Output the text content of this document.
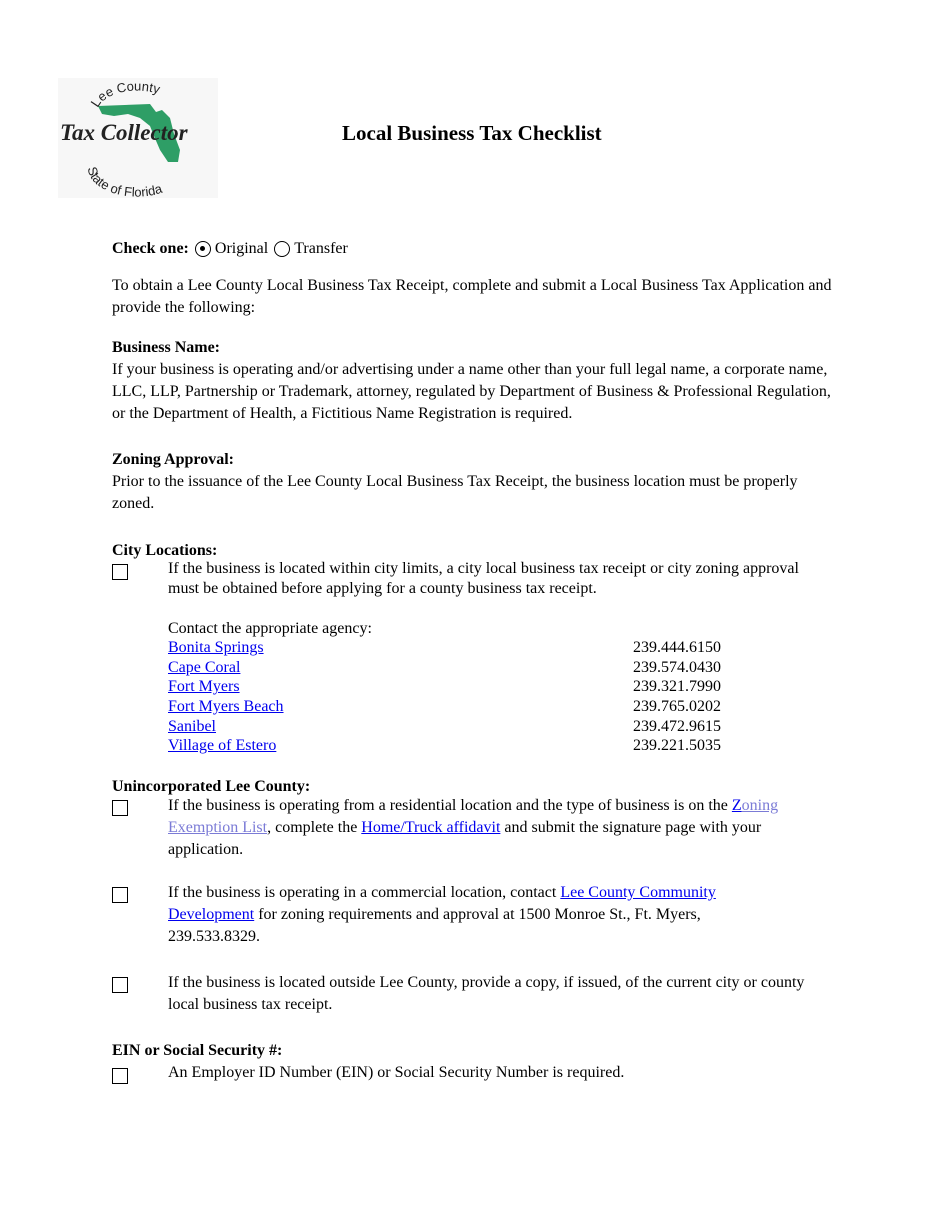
Lee County
Tax Collector
State of Florida
Local Business Tax Checklist
Check one: Original Transfer
To obtain a Lee County Local Business Tax Receipt, complete and submit a Local Business Tax Application and provide the following:
Business Name:
If your business is operating and/or advertising under a name other than your full legal name, a corporate name, LLC, LLP, Partnership or Trademark, attorney, regulated by Department of Business & Professional Regulation, or the Department of Health, a Fictitious Name Registration is required.
Zoning Approval:
Prior to the issuance of the Lee County Local Business Tax Receipt, the business location must be properly zoned.
City Locations:
If the business is located within city limits, a city local business tax receipt or city zoning approval must be obtained before applying for a county business tax receipt.
Contact the appropriate agency:
Bonita Springs	239.444.6150
Cape Coral	239.574.0430
Fort Myers	239.321.7990
Fort Myers Beach	239.765.0202
Sanibel	239.472.9615
Village of Estero	239.221.5035
Unincorporated Lee County:
If the business is operating from a residential location and the type of business is on the Zoning Exemption List, complete the Home/Truck affidavit and submit the signature page with your application.
If the business is operating in a commercial location, contact Lee County Community Development for zoning requirements and approval at 1500 Monroe St., Ft. Myers, 239.533.8329.
If the business is located outside Lee County, provide a copy, if issued, of the current city or county local business tax receipt.
EIN or Social Security #:
An Employer ID Number (EIN) or Social Security Number is required.
